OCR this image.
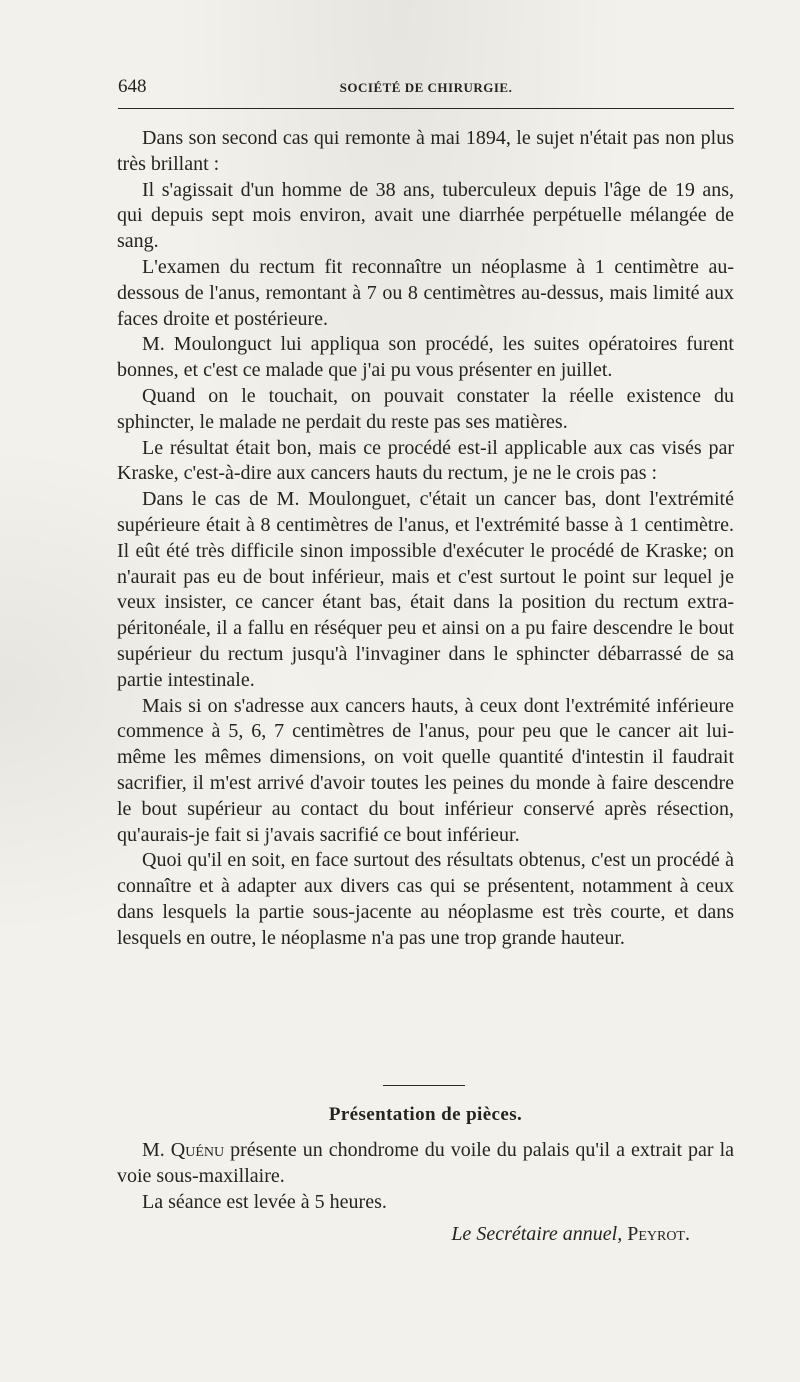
648	SOCIÉTÉ DE CHIRURGIE.

Dans son second cas qui remonte à mai 1894, le sujet n'était pas non plus très brillant :

Il s'agissait d'un homme de 38 ans, tuberculeux depuis l'âge de 19 ans, qui depuis sept mois environ, avait une diarrhée perpétuelle mélangée de sang.

L'examen du rectum fit reconnaître un néoplasme à 1 centimètre au-dessous de l'anus, remontant à 7 ou 8 centimètres au-dessus, mais limité aux faces droite et postérieure.

M. Moulonguct lui appliqua son procédé, les suites opératoires furent bonnes, et c'est ce malade que j'ai pu vous présenter en juillet.

Quand on le touchait, on pouvait constater la réelle existence du sphincter, le malade ne perdait du reste pas ses matières.

Le résultat était bon, mais ce procédé est-il applicable aux cas visés par Kraske, c'est-à-dire aux cancers hauts du rectum, je ne le crois pas :

Dans le cas de M. Moulonguet, c'était un cancer bas, dont l'extrémité supérieure était à 8 centimètres de l'anus, et l'extrémité basse à 1 centimètre. Il eût été très difficile sinon impossible d'exécuter le procédé de Kraske; on n'aurait pas eu de bout inférieur, mais et c'est surtout le point sur lequel je veux insister, ce cancer étant bas, était dans la position du rectum extra-péritonéale, il a fallu en réséquer peu et ainsi on a pu faire descendre le bout supérieur du rectum jusqu'à l'invaginer dans le sphincter débarrassé de sa partie intestinale.

Mais si on s'adresse aux cancers hauts, à ceux dont l'extrémité inférieure commence à 5, 6, 7 centimètres de l'anus, pour peu que le cancer ait lui-même les mêmes dimensions, on voit quelle quantité d'intestin il faudrait sacrifier, il m'est arrivé d'avoir toutes les peines du monde à faire descendre le bout supérieur au contact du bout inférieur conservé après résection, qu'aurais-je fait si j'avais sacrifié ce bout inférieur.

Quoi qu'il en soit, en face surtout des résultats obtenus, c'est un procédé à connaître et à adapter aux divers cas qui se présentent, notamment à ceux dans lesquels la partie sous-jacente au néoplasme est très courte, et dans lesquels en outre, le néoplasme n'a pas une trop grande hauteur.

Présentation de pièces.

M. Quénu présente un chondrome du voile du palais qu'il a extrait par la voie sous-maxillaire.

La séance est levée à 5 heures.

Le Secrétaire annuel, Peyrot.
